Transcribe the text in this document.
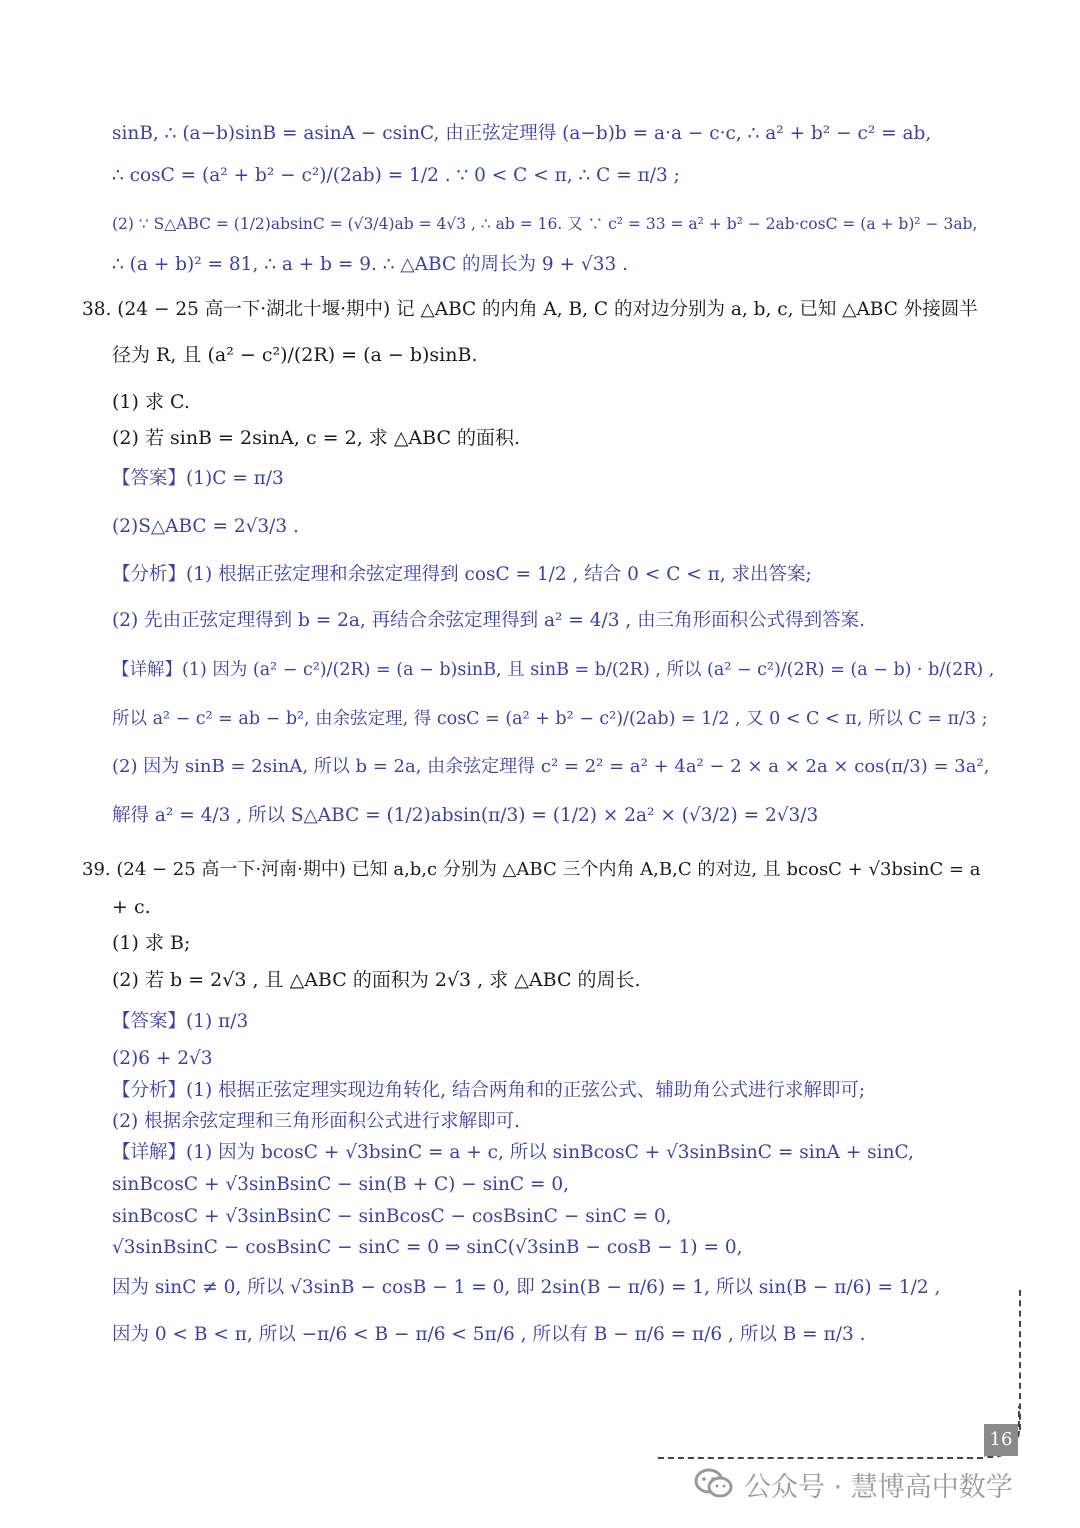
sinB, ∴ (a−b)sinB = asinA − csinC, 由正弦定理得 (a−b)b = a·a − c·c, ∴ a² + b² − c² = ab,
∴ cosC = (a² + b² − c²)/(2ab) = 1/2 . ∵ 0 < C < π, ∴ C = π/3 ;
(2) ∵ S△ABC = (1/2)absinC = (√3/4)ab = 4√3 , ∴ ab = 16. 又 ∵ c² = 33 = a² + b² − 2ab·cosC = (a + b)² − 3ab,
∴ (a + b)² = 81, ∴ a + b = 9. ∴ △ABC 的周长为 9 + √33 .
38. (24 − 25 高一下·湖北十堰·期中) 记 △ABC 的内角 A, B, C 的对边分别为 a, b, c, 已知 △ABC 外接圆半
径为 R, 且 (a² − c²)/(2R) = (a − b)sinB.
(1) 求 C.
(2) 若 sinB = 2sinA, c = 2, 求 △ABC 的面积.
【答案】(1)C = π/3
(2)S△ABC = 2√3/3 .
【分析】(1) 根据正弦定理和余弦定理得到 cosC = 1/2 , 结合 0 < C < π, 求出答案;
(2) 先由正弦定理得到 b = 2a, 再结合余弦定理得到 a² = 4/3 , 由三角形面积公式得到答案.
【详解】(1) 因为 (a² − c²)/(2R) = (a − b)sinB, 且 sinB = b/(2R) , 所以 (a² − c²)/(2R) = (a − b) · b/(2R) ,
所以 a² − c² = ab − b², 由余弦定理, 得 cosC = (a² + b² − c²)/(2ab) = 1/2 , 又 0 < C < π, 所以 C = π/3 ;
(2) 因为 sinB = 2sinA, 所以 b = 2a, 由余弦定理得 c² = 2² = a² + 4a² − 2 × a × 2a × cos(π/3) = 3a²,
解得 a² = 4/3 , 所以 S△ABC = (1/2)absin(π/3) = (1/2) × 2a² × (√3/2) = 2√3/3
39. (24 − 25 高一下·河南·期中) 已知 a,b,c 分别为 △ABC 三个内角 A,B,C 的对边, 且 bcosC + √3bsinC = a
+ c.
(1) 求 B;
(2) 若 b = 2√3 , 且 △ABC 的面积为 2√3 , 求 △ABC 的周长.
【答案】(1) π/3
(2)6 + 2√3
【分析】(1) 根据正弦定理实现边角转化, 结合两角和的正弦公式、辅助角公式进行求解即可;
(2) 根据余弦定理和三角形面积公式进行求解即可.
【详解】(1) 因为 bcosC + √3bsinC = a + c, 所以 sinBcosC + √3sinBsinC = sinA + sinC,
sinBcosC + √3sinBsinC − sin(B + C) − sinC = 0,
sinBcosC + √3sinBsinC − sinBcosC − cosBsinC − sinC = 0,
√3sinBsinC − cosBsinC − sinC = 0 ⇒ sinC(√3sinB − cosB − 1) = 0,
因为 sinC ≠ 0, 所以 √3sinB − cosB − 1 = 0, 即 2sin(B − π/6) = 1, 所以 sin(B − π/6) = 1/2 ,
因为 0 < B < π, 所以 −π/6 < B − π/6 < 5π/6 , 所以有 B − π/6 = π/6 , 所以 B = π/3 .
16
公众号 · 慧博高中数学
